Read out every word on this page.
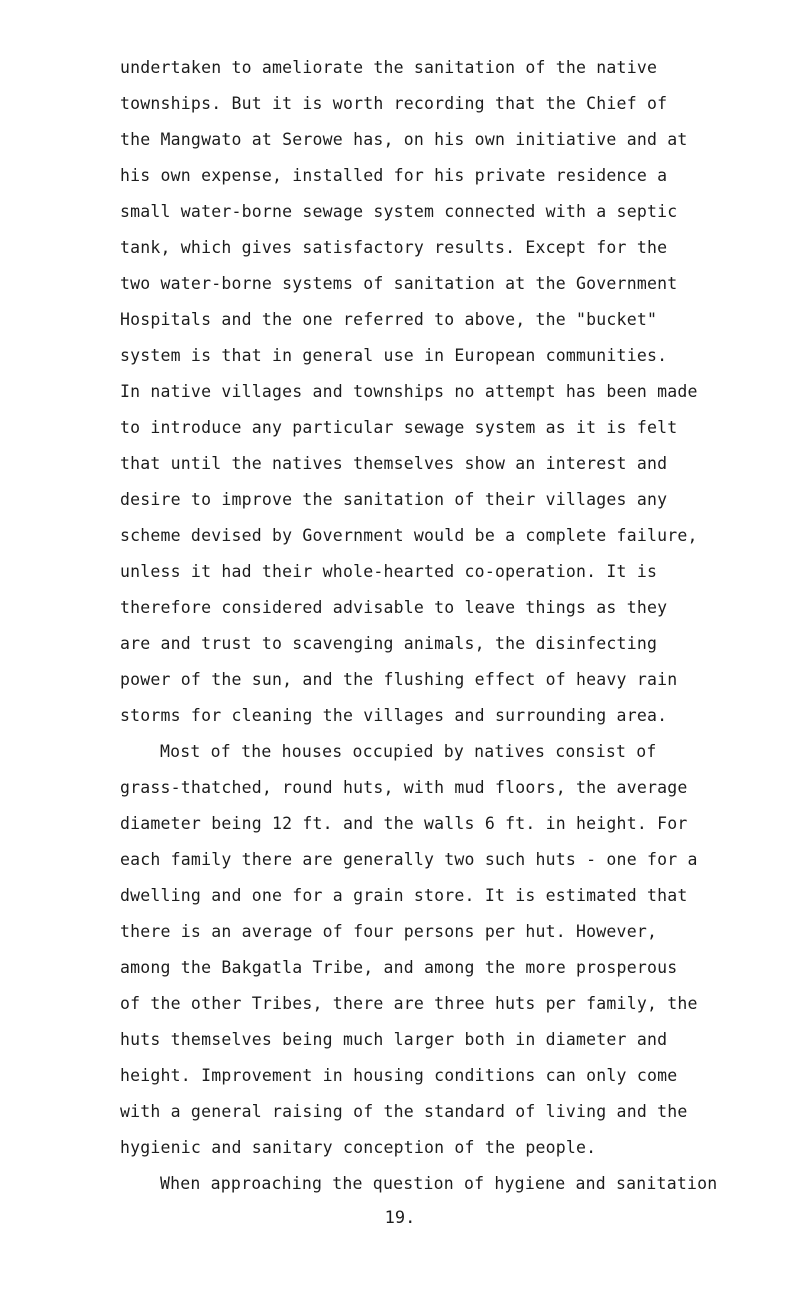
undertaken to ameliorate the sanitation of the native
townships. But it is worth recording that the Chief of
the Mangwato at Serowe has, on his own initiative and at
his own expense, installed for his private residence a
small water-borne sewage system connected with a septic
tank, which gives satisfactory results. Except for the
two water-borne systems of sanitation at the Government
Hospitals and the one referred to above, the "bucket"
system is that in general use in European communities.
In native villages and townships no attempt has been made
to introduce any particular sewage system as it is felt
that until the natives themselves show an interest and
desire to improve the sanitation of their villages any
scheme devised by Government would be a complete failure,
unless it had their whole-hearted co-operation. It is
therefore considered advisable to leave things as they
are and trust to scavenging animals, the disinfecting
power of the sun, and the flushing effect of heavy rain
storms for cleaning the villages and surrounding area.
Most of the houses occupied by natives consist of
grass-thatched, round huts, with mud floors, the average
diameter being 12 ft. and the walls 6 ft. in height. For
each family there are generally two such huts - one for a
dwelling and one for a grain store. It is estimated that
there is an average of four persons per hut. However,
among the Bakgatla Tribe, and among the more prosperous
of the other Tribes, there are three huts per family, the
huts themselves being much larger both in diameter and
height. Improvement in housing conditions can only come
with a general raising of the standard of living and the
hygienic and sanitary conception of the people.
When approaching the question of hygiene and sanitation
19.
